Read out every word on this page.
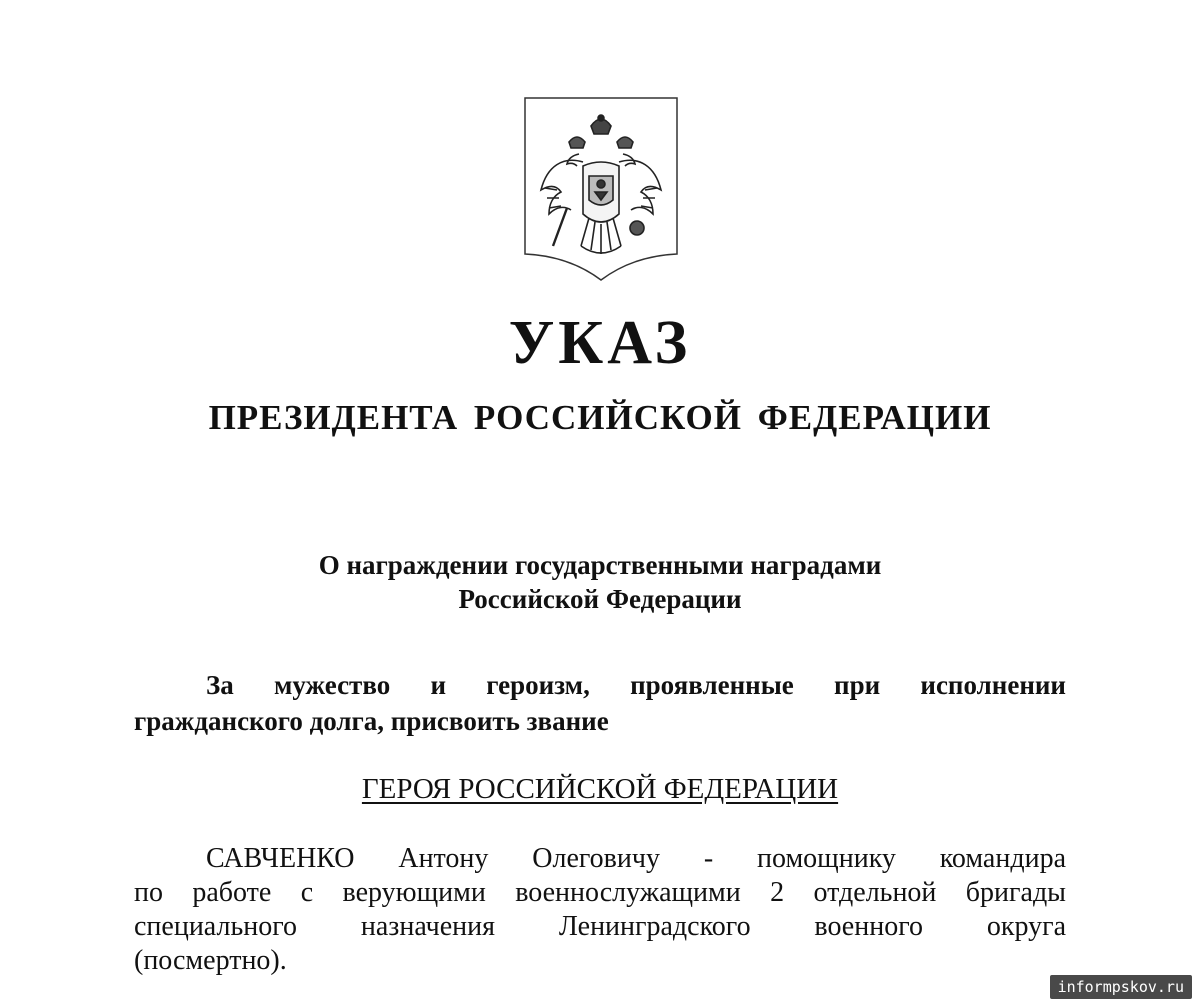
УКАЗ
ПРЕЗИДЕНТА РОССИЙСКОЙ ФЕДЕРАЦИИ
О награждении государственными наградами
Российской Федерации
За мужество и героизм, проявленные при исполнении
гражданского долга, присвоить звание
ГЕРОЯ РОССИЙСКОЙ ФЕДЕРАЦИИ
САВЧЕНКО Антону Олеговичу - помощнику командира
по работе с верующими военнослужащими 2 отдельной бригады
специального назначения Ленинградского военного округа
(посмертно).
informpskov.ru
